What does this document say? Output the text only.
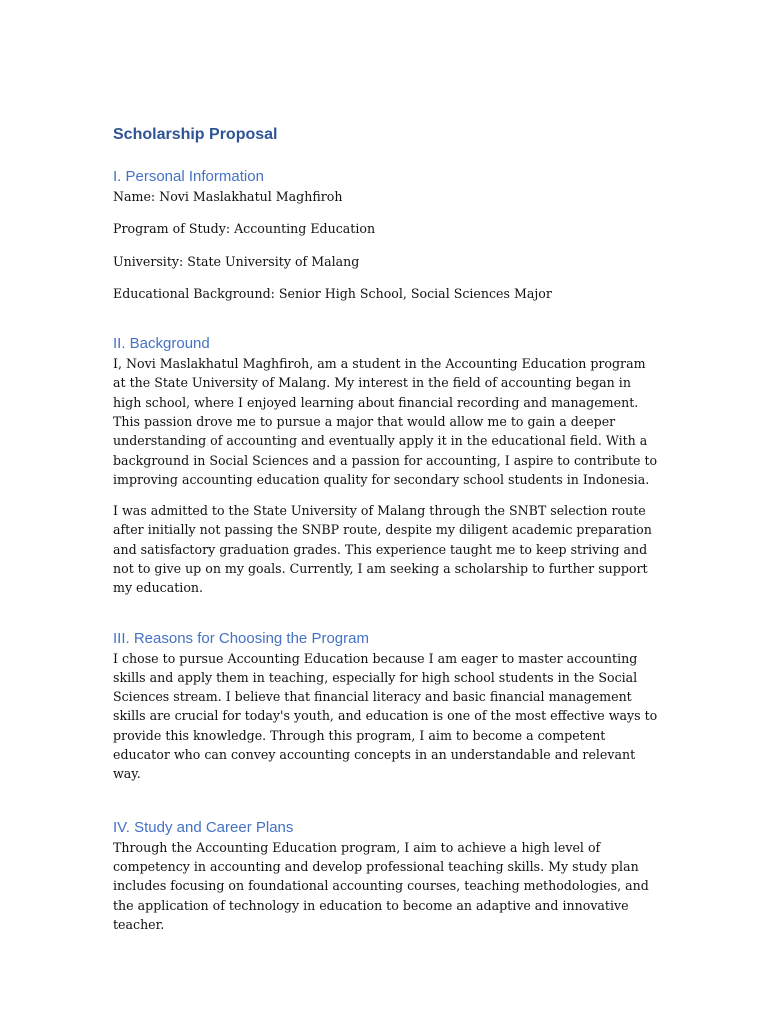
Scholarship Proposal
I. Personal Information

Name: Novi Maslakhatul Maghfiroh

Program of Study: Accounting Education

University: State University of Malang

Educational Background: Senior High School, Social Sciences Major

II. Background

I, Novi Maslakhatul Maghfiroh, am a student in the Accounting Education program at the State University of Malang. My interest in the field of accounting began in high school, where I enjoyed learning about financial recording and management. This passion drove me to pursue a major that would allow me to gain a deeper understanding of accounting and eventually apply it in the educational field. With a background in Social Sciences and a passion for accounting, I aspire to contribute to improving accounting education quality for secondary school students in Indonesia.

I was admitted to the State University of Malang through the SNBT selection route after initially not passing the SNBP route, despite my diligent academic preparation and satisfactory graduation grades. This experience taught me to keep striving and not to give up on my goals. Currently, I am seeking a scholarship to further support my education.

III. Reasons for Choosing the Program

I chose to pursue Accounting Education because I am eager to master accounting skills and apply them in teaching, especially for high school students in the Social Sciences stream. I believe that financial literacy and basic financial management skills are crucial for today's youth, and education is one of the most effective ways to provide this knowledge. Through this program, I aim to become a competent educator who can convey accounting concepts in an understandable and relevant way.

IV. Study and Career Plans

Through the Accounting Education program, I aim to achieve a high level of competency in accounting and develop professional teaching skills. My study plan includes focusing on foundational accounting courses, teaching methodologies, and the application of technology in education to become an adaptive and innovative teacher.
